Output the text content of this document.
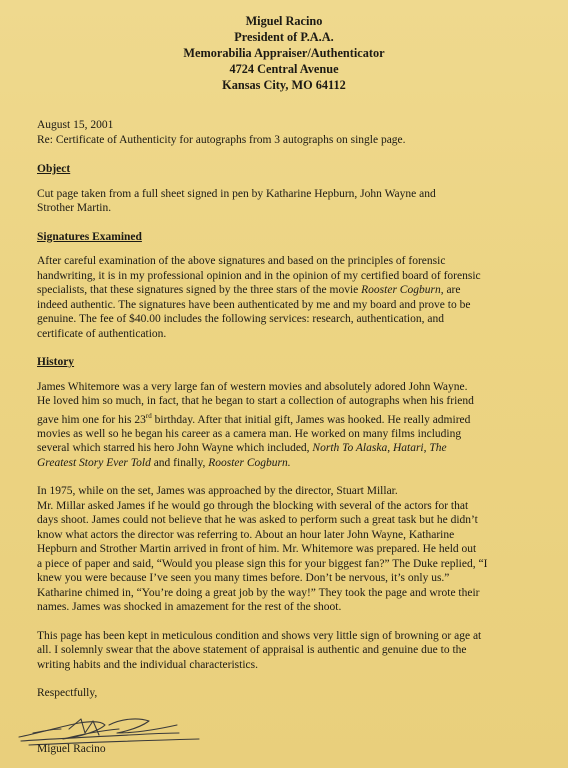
Miguel Racino
President of P.A.A.
Memorabilia Appraiser/Authenticator
4724 Central Avenue
Kansas City, MO 64112
August 15, 2001
Re: Certificate of Authenticity for autographs from 3 autographs on single page.
Object
Cut page taken from a full sheet signed in pen by Katharine Hepburn, John Wayne and
Strother Martin.
Signatures Examined
After careful examination of the above signatures and based on the principles of forensic
handwriting, it is in my professional opinion and in the opinion of my certified board of forensic
specialists, that these signatures signed by the three stars of the movie Rooster Cogburn, are
indeed authentic. The signatures have been authenticated by me and my board and prove to be
genuine. The fee of $40.00 includes the following services: research, authentication, and
certificate of authentication.
History
James Whitemore was a very large fan of western movies and absolutely adored John Wayne.
He loved him so much, in fact, that he began to start a collection of autographs when his friend
gave him one for his 23rd birthday. After that initial gift, James was hooked. He really admired
movies as well so he began his career as a camera man. He worked on many films including
several which starred his hero John Wayne which included, North To Alaska, Hatari, The
Greatest Story Ever Told and finally, Rooster Cogburn.
In 1975, while on the set, James was approached by the director, Stuart Millar.
Mr. Millar asked James if he would go through the blocking with several of the actors for that
days shoot. James could not believe that he was asked to perform such a great task but he didn’t
know what actors the director was referring to. About an hour later John Wayne, Katharine
Hepburn and Strother Martin arrived in front of him. Mr. Whitemore was prepared. He held out
a piece of paper and said, “Would you please sign this for your biggest fan?” The Duke replied, “I
knew you were because I’ve seen you many times before. Don’t be nervous, it’s only us.”
Katharine chimed in, “You’re doing a great job by the way!” They took the page and wrote their
names. James was shocked in amazement for the rest of the shoot.
This page has been kept in meticulous condition and shows very little sign of browning or age at
all. I solemnly swear that the above statement of appraisal is authentic and genuine due to the
writing habits and the individual characteristics.
Respectfully,
Miguel Racino
